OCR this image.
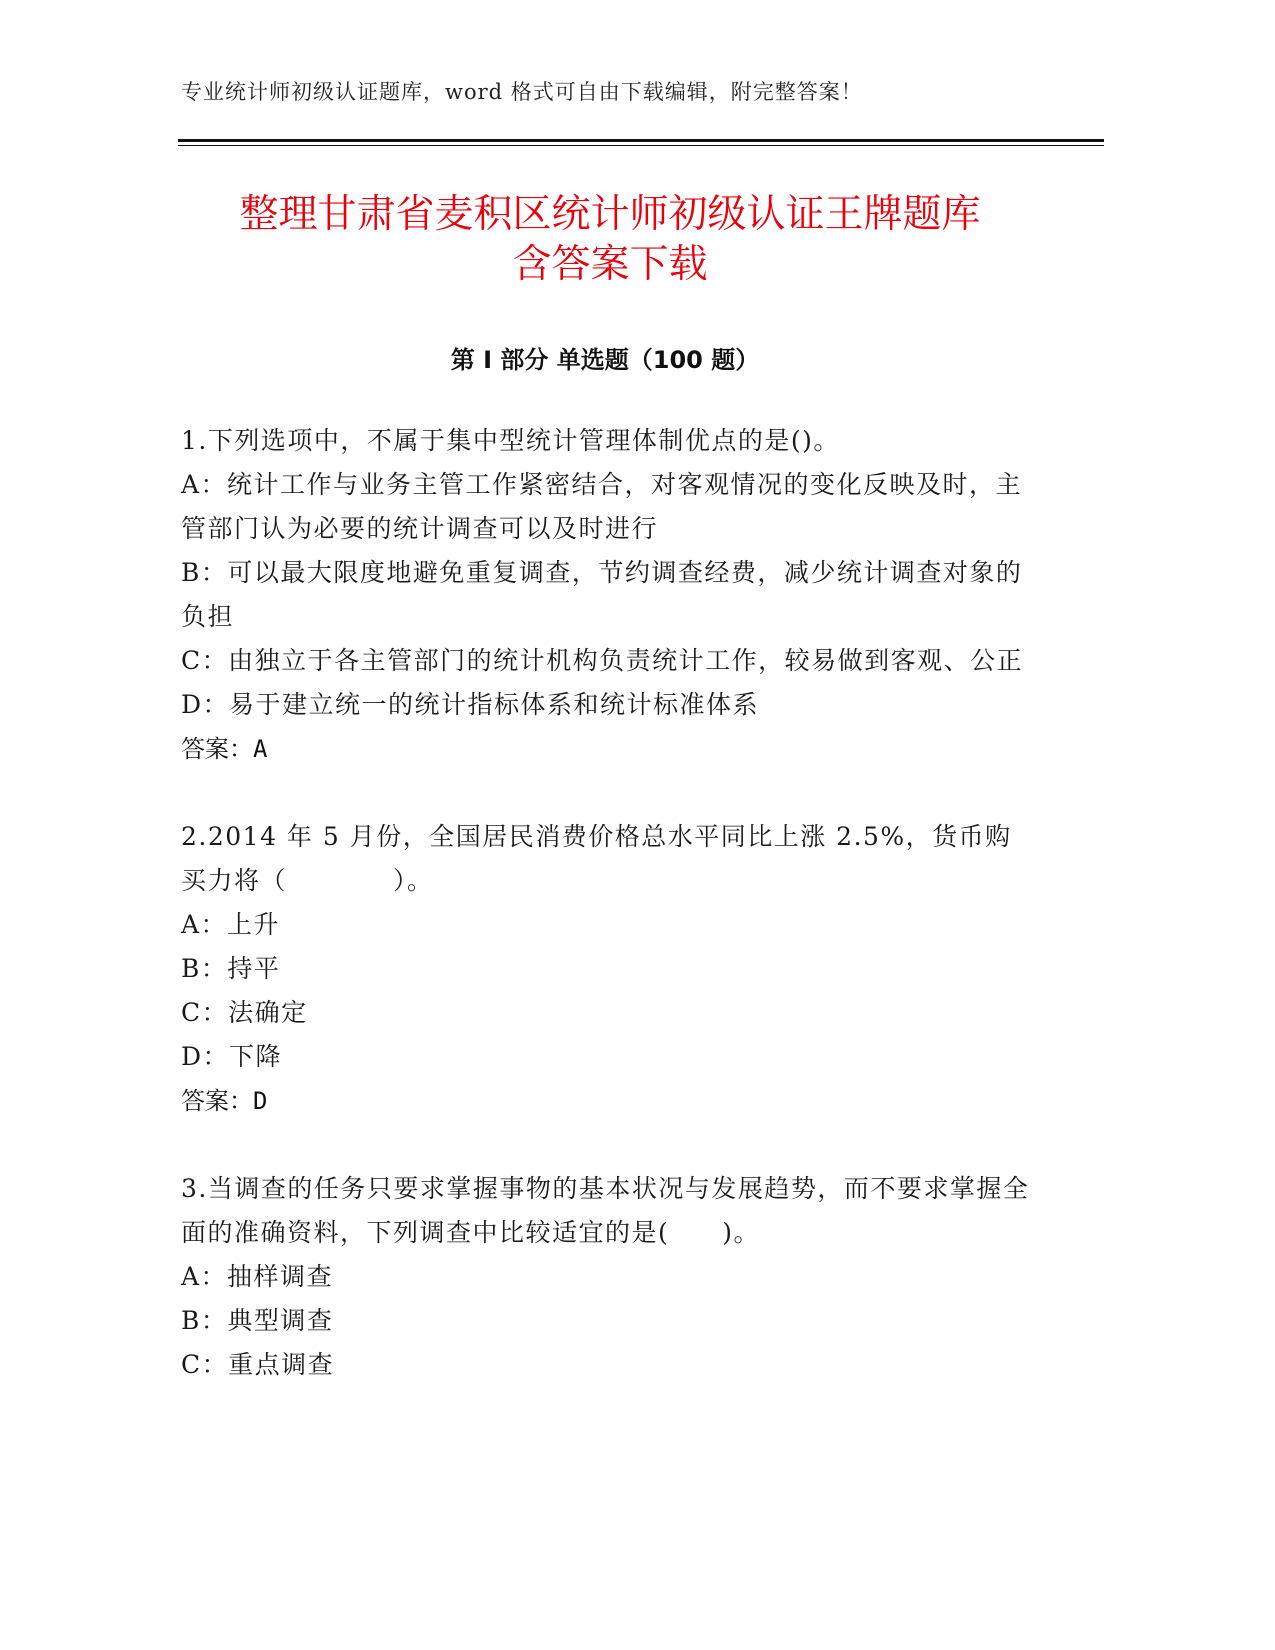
专业统计师初级认证题库，word 格式可自由下载编辑，附完整答案！
整理甘肃省麦积区统计师初级认证王牌题库
含答案下载
第 I 部分 单选题（100 题）

1.下列选项中，不属于集中型统计管理体制优点的是()。

A：统计工作与业务主管工作紧密结合，对客观情况的变化反映及时，主管部门认为必要的统计调查可以及时进行

B：可以最大限度地避免重复调查，节约调查经费，减少统计调查对象的负担

C：由独立于各主管部门的统计机构负责统计工作，较易做到客观、公正

D：易于建立统一的统计指标体系和统计标准体系

答案：A

2.2014 年 5 月份，全国居民消费价格总水平同比上涨 2.5%，货币购买力将（　　　　）。

A：上升

B：持平

C：法确定

D：下降

答案：D

3.当调查的任务只要求掌握事物的基本状况与发展趋势，而不要求掌握全面的准确资料，下列调查中比较适宜的是(　　)。

A：抽样调查

B：典型调查

C：重点调查
